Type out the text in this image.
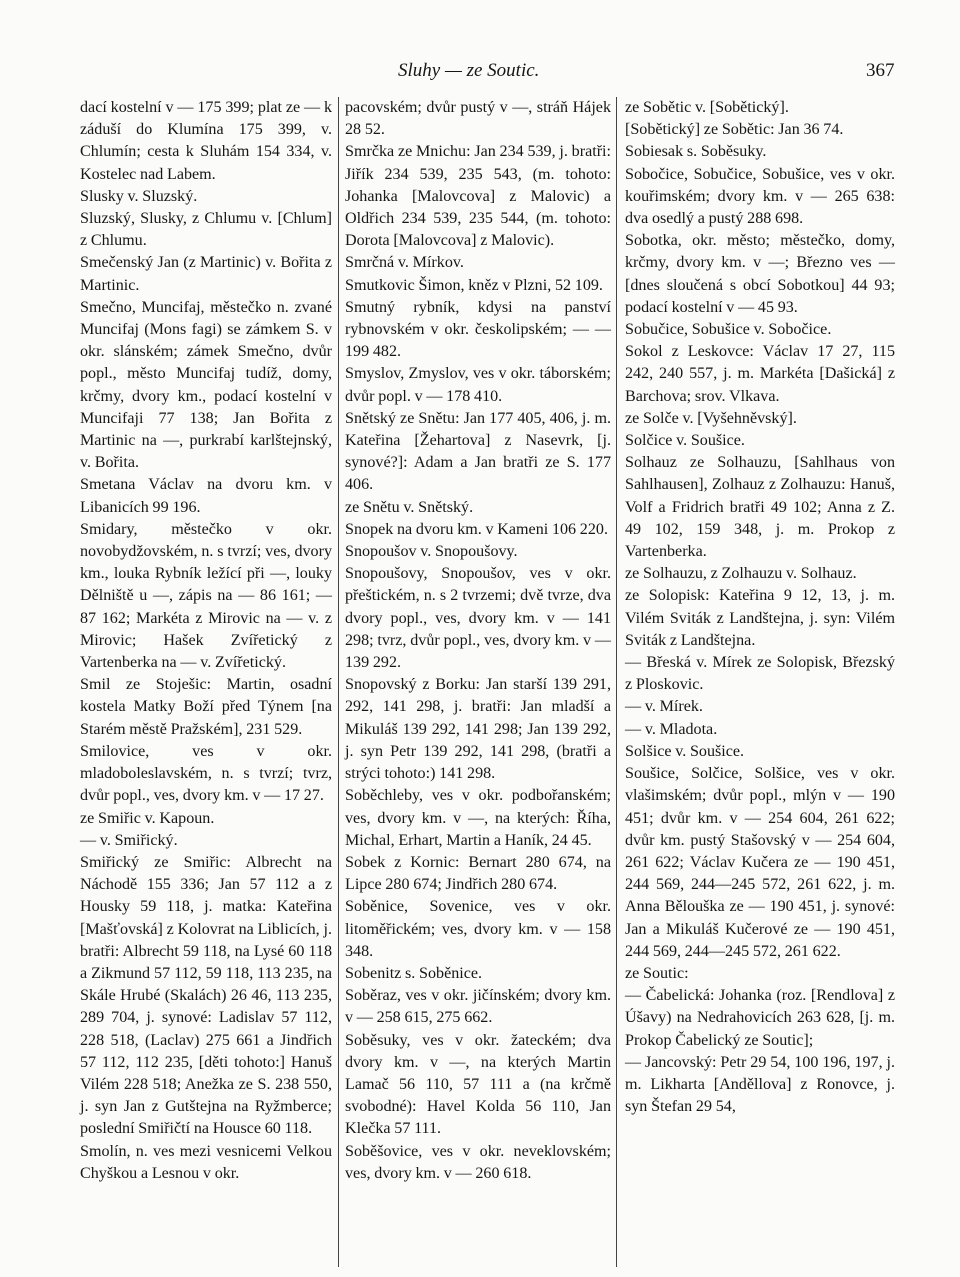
Sluhy — ze Soutic.	367

dací kostelní v — 175 399; plat ze — k záduší do Klumína 175 399, v. Chlumín; cesta k Sluhám 154 334, v. Kostelec nad Labem.

Slusky v. Sluzský.

Sluzský, Slusky, z Chlumu v. [Chlum] z Chlumu.

Smečenský Jan (z Martinic) v. Bořita z Martinic.

Smečno, Muncifaj, městečko n. zvané Muncifaj (Mons fagi) se zámkem S. v okr. slánském; zámek Smečno, dvůr popl., město Muncifaj tudíž, domy, krčmy, dvory km., podací kostelní v Muncifaji 77 138; Jan Bořita z Martinic na —, purkrabí karlštejnský, v. Bořita.

Smetana Václav na dvoru km. v Libanicích 99 196.

Smidary, městečko v okr. novobydžovském, n. s tvrzí; ves, dvory km., louka Rybník ležící při —, louky Dělniště u —, zápis na — 86 161; — 87 162; Markéta z Mirovic na — v. z Mirovic; Hašek Zvířetický z Vartenberka na — v. Zvířetický.

Smil ze Stoješic: Martin, osadní kostela Matky Boží před Týnem [na Starém městě Pražském], 231 529.

Smilovice, ves v okr. mladoboleslavském, n. s tvrzí; tvrz, dvůr popl., ves, dvory km. v — 17 27.

ze Smiřic v. Kapoun.

— v. Smiřický.

Smiřický ze Smiřic: Albrecht na Náchodě 155 336; Jan 57 112 a z Housky 59 118, j. matka: Kateřina [Mašťovská] z Kolovrat na Liblicích, j. bratři: Albrecht 59 118, na Lysé 60 118 a Zikmund 57 112, 59 118, 113 235, na Skále Hrubé (Skalách) 26 46, 113 235, 289 704, j. synové: Ladislav 57 112, 228 518, (Laclav) 275 661 a Jindřich 57 112, 112 235, [děti tohoto:] Hanuš Vilém 228 518; Anežka ze S. 238 550, j. syn Jan z Gutštejna na Ryžmberce; poslední Smiřičtí na Housce 60 118.

Smolín, n. ves mezi vesnicemi Velkou Chyškou a Lesnou v okr.

pacovském; dvůr pustý v —, stráň Hájek 28 52.

Smrčka ze Mnichu: Jan 234 539, j. bratři: Jiřík 234 539, 235 543, (m. tohoto: Johanka [Malovcova] z Malovic) a Oldřich 234 539, 235 544, (m. tohoto: Dorota [Malovcova] z Malovic).

Smrčná v. Mírkov.

Smutkovic Šimon, kněz v Plzni, 52 109.

Smutný rybník, kdysi na panství rybnovském v okr. českolipském; — — 199 482.

Smyslov, Zmyslov, ves v okr. táborském; dvůr popl. v — 178 410.

Snětský ze Snětu: Jan 177 405, 406, j. m. Kateřina [Žehartova] z Nasevrk, [j. synové?]: Adam a Jan bratři ze S. 177 406.

ze Snětu v. Snětský.

Snopek na dvoru km. v Kameni 106 220.

Snopoušov v. Snopoušovy.

Snopoušovy, Snopoušov, ves v okr. přeštickém, n. s 2 tvrzemi; dvě tvrze, dva dvory popl., ves, dvory km. v — 141 298; tvrz, dvůr popl., ves, dvory km. v — 139 292.

Snopovský z Borku: Jan starší 139 291, 292, 141 298, j. bratři: Jan mladší a Mikuláš 139 292, 141 298; Jan 139 292, j. syn Petr 139 292, 141 298, (bratři a strýci tohoto:) 141 298.

Soběchleby, ves v okr. podbořanském; ves, dvory km. v —, na kterých: Říha, Michal, Erhart, Martin a Haník, 24 45.

Sobek z Kornic: Bernart 280 674, na Lipce 280 674; Jindřich 280 674.

Soběnice, Sovenice, ves v okr. litoměřickém; ves, dvory km. v — 158 348.

Sobenitz s. Soběnice.

Soběraz, ves v okr. jičínském; dvory km. v — 258 615, 275 662.

Soběsuky, ves v okr. žateckém; dva dvory km. v —, na kterých Martin Lamač 56 110, 57 111 a (na krčmě svobodné): Havel Kolda 56 110, Jan Klečka 57 111.

Soběšovice, ves v okr. neveklovském; ves, dvory km. v — 260 618.

ze Sobětic v. [Sobětický].

[Sobětický] ze Sobětic: Jan 36 74.

Sobiesak s. Soběsuky.

Sobočice, Sobučice, Sobušice, ves v okr. kouřimském; dvory km. v — 265 638: dva osedlý a pustý 288 698.

Sobotka, okr. město; městečko, domy, krčmy, dvory km. v —; Březno ves — [dnes sloučená s obcí Sobotkou] 44 93; podací kostelní v — 45 93.

Sobučice, Sobušice v. Sobočice.

Sokol z Leskovce: Václav 17 27, 115 242, 240 557, j. m. Markéta [Dašická] z Barchova; srov. Vlkava.

ze Solče v. [Vyšehněvský].

Solčice v. Soušice.

Solhauz ze Solhauzu, [Sahlhaus von Sahlhausen], Zolhauz z Zolhauzu: Hanuš, Volf a Fridrich bratři 49 102; Anna z Z. 49 102, 159 348, j. m. Prokop z Vartenberka.

ze Solhauzu, z Zolhauzu v. Solhauz.

ze Solopisk: Kateřina 9 12, 13, j. m. Vilém Sviták z Landštejna, j. syn: Vilém Sviták z Landštejna.

— Břeská v. Mírek ze Solopisk, Březský z Ploskovic.

— v. Mírek.

— v. Mladota.

Solšice v. Soušice.

Soušice, Solčice, Solšice, ves v okr. vlašimském; dvůr popl., mlýn v — 190 451; dvůr km. v — 254 604, 261 622; dvůr km. pustý Stašovský v — 254 604, 261 622; Václav Kučera ze — 190 451, 244 569, 244—245 572, 261 622, j. m. Anna Bělouška ze — 190 451, j. synové: Jan a Mikuláš Kučerové ze — 190 451, 244 569, 244—245 572, 261 622.

ze Soutic:

— Čabelická: Johanka (roz. [Rendlova] z Úšavy) na Nedrahovicích 263 628, [j. m. Prokop Čabelický ze Soutic];

— Jancovský: Petr 29 54, 100 196, 197, j. m. Likharta [Anděllova] z Ronovce, j. syn Štefan 29 54,
